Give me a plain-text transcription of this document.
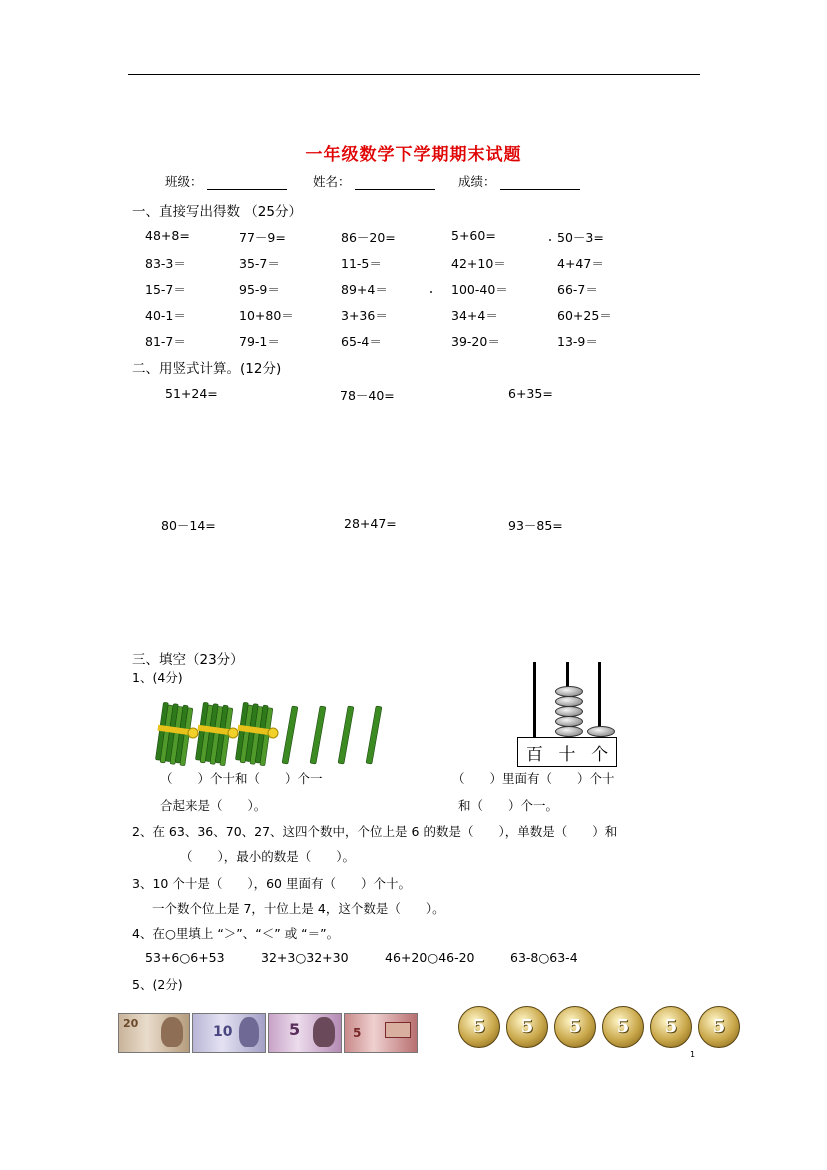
一年级数学下学期期末试题
班级：	姓名：	成绩：
一、直接写出得数 （25分）
48+8=	77－9=	86－20=	5+60=	50－3=
83-3＝	35-7＝	11-5＝	42+10＝	4+47＝
15-7＝	95-9＝	89+4＝	100-40＝	66-7＝
40-1＝	10+80＝	3+36＝	34+4＝	60+25＝
81-7＝	79-1＝	65-4＝	39-20＝	13-9＝
二、用竖式计算。(12分)
51+24=	78－40=	6+35=
80－14=	28+47=	93－85=
三、填空（23分）
1、(4分)
百 十 个
（　　）个十和（　　）个一
合起来是（　　）。
（　　）里面有（　　）个十
和（　　）个一。
2、在 63、36、70、27、这四个数中，个位上是 6 的数是（　　），单数是（　　）和
（　　），最小的数是（　　）。
3、10 个十是（　　），60 里面有（　　）个十。
一个数个位上是 7，十位上是 4，这个数是（　　）。
4、在○里填上 “＞”、“＜” 或 “＝”。
53+6○6+53	32+3○32+30	46+20○46-20	63-8○63-4
5、(2分)
20
10	5	5	5	5	5	5	5	5
1
